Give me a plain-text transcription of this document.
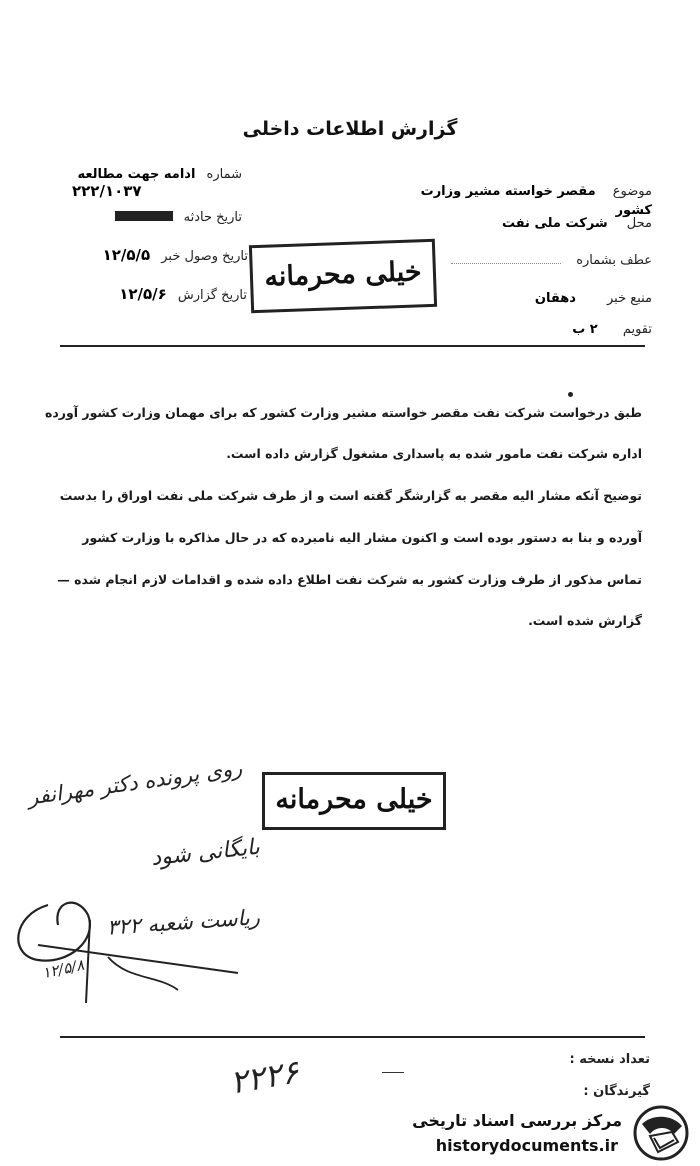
گزارش اطلاعات داخلی
موضوع مقصر خواسته مشیر وزارت کشور
محل شرکت ملی نفت
عطف بشماره
منبع خبر دهقان
تقویم ۲ ب
شماره ادامه جهت مطالعه
۲۲۲/۱۰۳۷
تاریخ حادثه
تاریخ وصول خبر ۱۲/۵/۵
تاریخ گزارش ۱۲/۵/۶
خیلی محرمانه
طبق درخواست شرکت نفت مقصر خواسته مشیر وزارت کشور که برای مهمان وزارت کشور آورده
اداره شرکت نفت مامور شده به پاسداری مشغول گزارش داده است.
توضیح آنکه مشار الیه مقصر به گزارشگر گفته است و از طرف شرکت ملی نفت اوراق را بدست
آورده و بنا به دستور بوده است و اکنون مشار الیه نامبرده که در حال مذاکره با وزارت کشور
تماس مذکور از طرف وزارت کشور به شرکت نفت اطلاع داده شده و اقدامات لازم انجام شده —
گزارش شده است.
خیلی محرمانه
روی پرونده دکتر مهرانفر
بایگانی شود
ریاست شعبه ۳۲۲
۱۲/۵/۸
تعداد نسخه :
گیرندگان :
۲۲۲۶
مرکز بررسی اسناد تاریخی
historydocuments.ir
